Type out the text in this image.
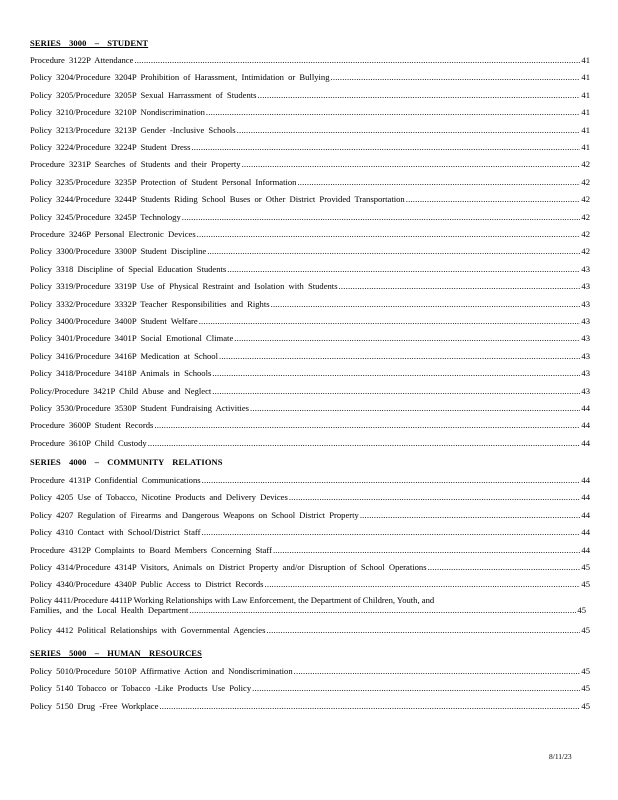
SERIES 3000 – STUDENT
Procedure 3122P Attendance .....	41
Policy 3204/Procedure 3204P Prohibition of Harassment, Intimidation or Bullying .....	41
Policy 3205/Procedure 3205P Sexual Harrassment of Students .....	41
Policy 3210/Procedure 3210P Nondiscrimination .....	41
Policy 3213/Procedure 3213P Gender -Inclusive Schools .....	41
Policy 3224/Procedure 3224P Student Dress .....	41
Procedure 3231P Searches of Students and their Property .....	42
Policy 3235/Procedure 3235P Protection of Student Personal Information .....	42
Policy 3244/Procedure 3244P Students Riding School Buses or Other District Provided Transportation .....	42
Policy 3245/Procedure 3245P Technology .....	42
Procedure 3246P Personal Electronic Devices .....	42
Policy 3300/Procedure 3300P Student Discipline .....	42
Policy 3318 Discipline of Special Education Students .....	43
Policy 3319/Procedure 3319P Use of Physical Restraint and Isolation with Students .....	43
Policy 3332/Procedure 3332P Teacher Responsibilities and Rights .....	43
Policy 3400/Procedure 3400P Student Welfare .....	43
Policy 3401/Procedure 3401P Social Emotional Climate .....	43
Policy 3416/Procedure 3416P Medication at School .....	43
Policy 3418/Procedure 3418P Animals in Schools .....	43
Policy/Procedure 3421P Child Abuse and Neglect .....	43
Policy 3530/Procedure 3530P Student Fundraising Activities .....	44
Procedure 3600P Student Records .....	44
Procedure 3610P Child Custody .....	44
SERIES 4000 – COMMUNITY RELATIONS
Procedure 4131P Confidential Communications .....	44
Policy 4205 Use of Tobacco, Nicotine Products and Delivery Devices .....	44
Policy 4207 Regulation of Firearms and Dangerous Weapons on School District Property .....	44
Policy 4310 Contact with School/District Staff .....	44
Procedure 4312P Complaints to Board Members Concerning Staff .....	44
Policy 4314/Procedure 4314P Visitors, Animals on District Property and/or Disruption of School Operations .....	45
Policy 4340/Procedure 4340P Public Access to District Records .....	45
Policy 4411/Procedure 4411P Working Relationships with Law Enforcement, the Department of Children, Youth, and
Families, and the Local Health Department .....	45
Policy 4412 Political Relationships with Governmental Agencies .....	45
SERIES 5000 – HUMAN RESOURCES
Policy 5010/Procedure 5010P Affirmative Action and Nondiscrimination .....	45
Policy 5140 Tobacco or Tobacco -Like Products Use Policy .....	45
Policy 5150 Drug -Free Workplace .....	45
8/11/23
